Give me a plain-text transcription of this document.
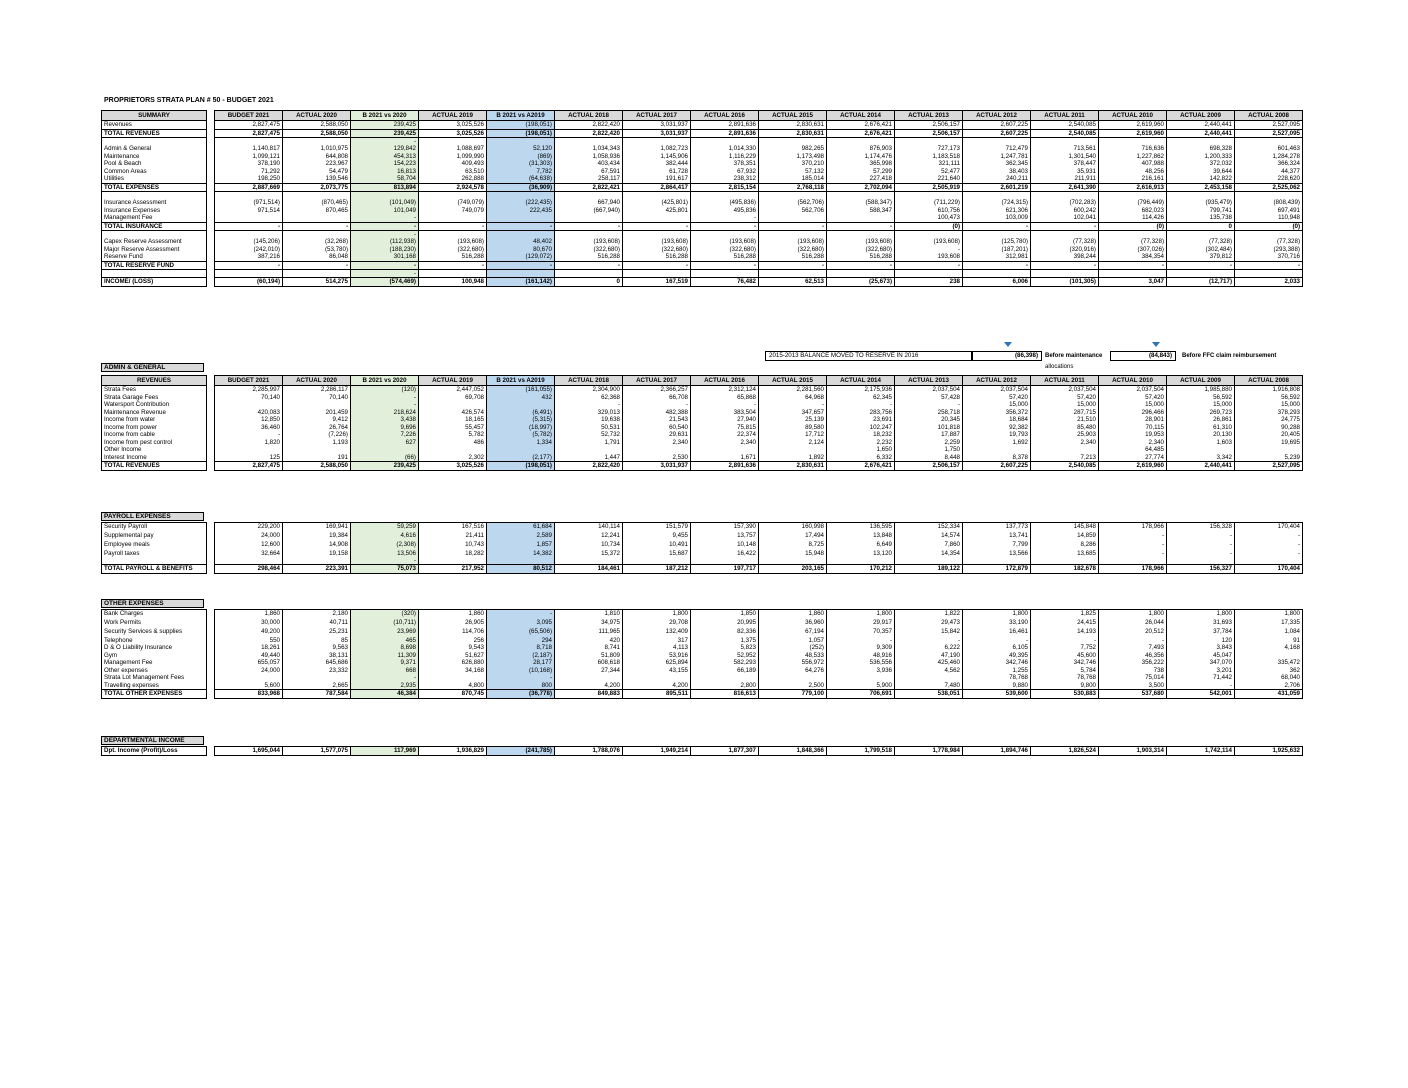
PROPRIETORS STRATA PLAN # 50 - BUDGET 2021
SUMMARY		BUDGET 2021	ACTUAL 2020	B 2021 vs 2020	ACTUAL 2019	B 2021 vs A2019	ACTUAL 2018	ACTUAL 2017	ACTUAL 2016	ACTUAL 2015	ACTUAL 2014	ACTUAL 2013	ACTUAL 2012	ACTUAL 2011	ACTUAL 2010	ACTUAL 2009	ACTUAL 2008
Revenues		2,827,475	2,588,050	239,425	3,025,526	(198,051)	2,822,420	3,031,937	2,891,636	2,830,631	2,676,421	2,506,157	2,607,225	2,540,085	2,619,960	2,440,441	2,527,095
TOTAL REVENUES		2,827,475	2,588,050	239,425	3,025,526	(198,051)	2,822,420	3,031,937	2,891,636	2,830,631	2,676,421	2,506,157	2,607,225	2,540,085	2,619,960	2,440,441	2,527,095
				-													
Admin & General		1,140,817	1,010,975	129,842	1,088,697	52,120	1,034,343	1,082,723	1,014,330	982,265	876,903	727,173	712,479	713,561	716,636	698,328	601,463
Maintenance		1,099,121	644,808	454,313	1,099,990	(869)	1,058,936	1,145,906	1,116,229	1,173,498	1,174,476	1,183,518	1,247,781	1,301,540	1,227,862	1,200,333	1,284,278
Pool & Beach		378,190	223,967	154,223	409,493	(31,303)	403,434	382,444	378,351	370,210	365,998	321,111	362,345	378,447	407,988	372,032	366,324
Common Areas		71,292	54,479	16,813	63,510	7,782	67,591	61,728	67,932	57,132	57,299	52,477	38,403	35,931	48,256	39,644	44,377
Utilities		198,250	139,546	58,704	262,888	(64,638)	258,117	191,617	238,312	185,014	227,418	221,640	240,211	211,911	216,161	142,822	228,620
TOTAL EXPENSES		2,887,669	2,073,775	813,894	2,924,578	(36,909)	2,822,421	2,864,417	2,815,154	2,768,118	2,702,094	2,505,919	2,601,219	2,641,390	2,616,913	2,453,158	2,525,062

Insurance Assessment		(971,514)	(870,465)	(101,049)	(749,079)	(222,435)	667,940	(425,801)	(495,836)	(562,706)	(588,347)	(711,229)	(724,315)	(702,283)	(796,449)	(935,479)	(808,439)
Insurance Expenses		971,514	870,465	101,049	749,079	222,435	(667,940)	425,801	495,836	562,706	588,347	610,756	621,306	600,242	682,023	799,741	697,491
Management Fee				-					-			100,473	103,009	102,041	114,426	135,738	110,948
TOTAL INSURANCE		-	-	-	-	-	-	-	-	-	-	(0)	-	-	(0)	0	(0)
				-													
Capex Reserve Assessment		(145,206)	(32,268)	(112,938)	(193,608)	48,402	(193,608)	(193,608)	(193,608)	(193,608)	(193,608)	(193,608)	(125,780)	(77,328)	(77,328)	(77,328)	(77,328)
Major Reserve Assessment		(242,010)	(53,780)	(188,230)	(322,680)	80,670	(322,680)	(322,680)	(322,680)	(322,680)	(322,680)	-	(187,201)	(320,916)	(307,026)	(302,484)	(293,388)
Reserve Fund		387,216	86,048	301,168	516,288	(129,072)	516,288	516,288	516,288	516,288	516,288	193,608	312,981	398,244	384,354	379,812	370,716
TOTAL RESERVE FUND		-	-	-	-	-	-	-	-	-	-	-	-	-	-	-	-
				-													
INCOME/ (LOSS)		(60,194)	514,275	(574,469)	100,948	(161,142)	0	167,519	76,482	62,513	(25,673)	238	6,006	(101,305)	3,047	(12,717)	2,033
2015-2013 BALANCE MOVED TO RESERVE IN 2016	(86,398)	Before maintenance
allocations
(84,843)	Before FFC claim reimbursement
ADMIN & GENERAL
REVENUES		BUDGET 2021	ACTUAL 2020	B 2021 vs 2020	ACTUAL 2019	B 2021 vs A2019	ACTUAL 2018	ACTUAL 2017	ACTUAL 2016	ACTUAL 2015	ACTUAL 2014	ACTUAL 2013	ACTUAL 2012	ACTUAL 2011	ACTUAL 2010	ACTUAL 2009	ACTUAL 2008
Strata Fees		2,285,997	2,286,117	(120)	2,447,052	(161,055)	2,304,900	2,366,257	2,312,124	2,281,560	2,175,936	2,037,504	2,037,504	2,037,504	2,037,504	1,985,880	1,916,808
Strata Garage Fees		70,140	70,140	-	69,708	432	62,368	66,708	65,868	64,968	62,345	57,428	57,420	57,420	57,420	56,592	56,592
Watersport Contribution				-			-	-	-	-	-	-	15,000	15,000	15,000	15,000	15,000
Maintenance Revenue		420,083	201,459	218,624	426,574	(6,491)	329,013	482,388	383,504	347,657	283,756	258,718	356,372	287,715	296,466	269,723	378,293
Income from water		12,850	9,412	3,438	18,165	(5,315)	19,638	21,543	27,940	25,139	23,691	20,345	18,684	21,510	28,901	26,861	24,775
Income from power		36,460	26,764	9,696	55,457	(18,997)	50,531	60,540	75,815	89,580	102,247	101,818	92,382	85,480	70,115	61,310	90,288
Income from cable		-	(7,226)	7,226	5,782	(5,782)	52,732	29,631	22,374	17,712	18,232	17,887	19,793	25,903	19,953	20,130	20,405
Income from pest control		1,820	1,193	627	486	1,334	1,791	2,340	2,340	2,124	2,232	2,259	1,692	2,340	2,340	1,603	19,695
Other Income											1,650	1,750			64,485		
Interest Income		125	191	(66)	2,302	(2,177)	1,447	2,530	1,671	1,892	6,332	8,448	8,378	7,213	27,774	3,342	5,239
TOTAL REVENUES		2,827,475	2,588,050	239,425	3,025,526	(198,051)	2,822,420	3,031,937	2,891,636	2,830,631	2,676,421	2,506,157	2,607,225	2,540,085	2,619,960	2,440,441	2,527,095
PAYROLL EXPENSES
Security Payroll		229,200	169,941	59,259	167,516	61,684	140,114	151,579	157,390	160,998	136,595	152,334	137,773	145,848	178,966	156,328	170,404
Supplemental pay		24,000	19,384	4,616	21,411	2,589	12,241	9,455	13,757	17,494	13,848	14,574	13,741	14,859	-	-	-
Employee meals		12,600	14,908	(2,308)	10,743	1,857	10,734	10,491	10,148	8,725	6,649	7,860	7,799	8,286	-	-	-
Payroll taxes		32,664	19,158	13,506	18,282	14,382	15,372	15,687	16,422	15,948	13,120	14,354	13,566	13,685	-	-	-
				-													
TOTAL PAYROLL & BENEFITS		298,464	223,391	75,073	217,952	80,512	184,461	187,212	197,717	203,165	170,212	189,122	172,879	182,678	178,966	156,327	170,404
OTHER EXPENSES
Bank Charges		1,860	2,180	(320)	1,860	-	1,810	1,800	1,850	1,860	1,800	1,822	1,800	1,825	1,800	1,800	1,800
Work Permits		30,000	40,711	(10,711)	26,905	3,095	34,975	29,708	20,995	36,960	29,917	29,473	33,190	24,415	26,044	31,693	17,335
Security Services & supplies		49,200	25,231	23,969	114,706	(65,506)	111,965	132,409	82,336	67,194	70,357	15,842	16,461	14,193	20,512	37,784	1,084
Telephone		550	85	465	256	294	420	317	1,375	1,057	-	-	-	-	-	120	91
D & O Liability Insurance		18,261	9,563	8,698	9,543	8,718	8,741	4,113	5,823	(252)	9,309	6,222	6,105	7,752	7,493	3,843	4,168
Gym		49,440	38,131	11,309	51,627	(2,187)	51,809	53,916	52,952	48,533	48,916	47,190	49,395	45,600	46,356	45,047	
Management Fee		655,057	645,686	9,371	626,880	28,177	608,618	625,894	582,293	556,972	536,556	425,460	342,746	342,746	356,222	347,070	335,472
Other expenses		24,000	23,332	668	34,168	(10,168)	27,344	43,155	66,189	64,276	3,936	4,562	1,255	5,784	738	3,201	362
Strata Lot Management Fees				-		-							78,768	78,768	75,014	71,442	68,040
Travelling expenses		5,600	2,665	2,935	4,800	800	4,200	4,200	2,800	2,500	5,900	7,480	9,880	9,800	3,500	-	2,706
TOTAL OTHER EXPENSES		833,968	787,584	46,384	870,745	(36,778)	849,883	895,511	816,613	779,100	706,691	538,051	539,600	530,883	537,680	542,001	431,059
DEPARTMENTAL INCOME
Dpt. Income (Profit)/Loss		1,695,044	1,577,075	117,969	1,936,829	(241,785)	1,788,076	1,949,214	1,877,307	1,848,366	1,799,518	1,778,984	1,894,746	1,826,524	1,903,314	1,742,114	1,925,632
